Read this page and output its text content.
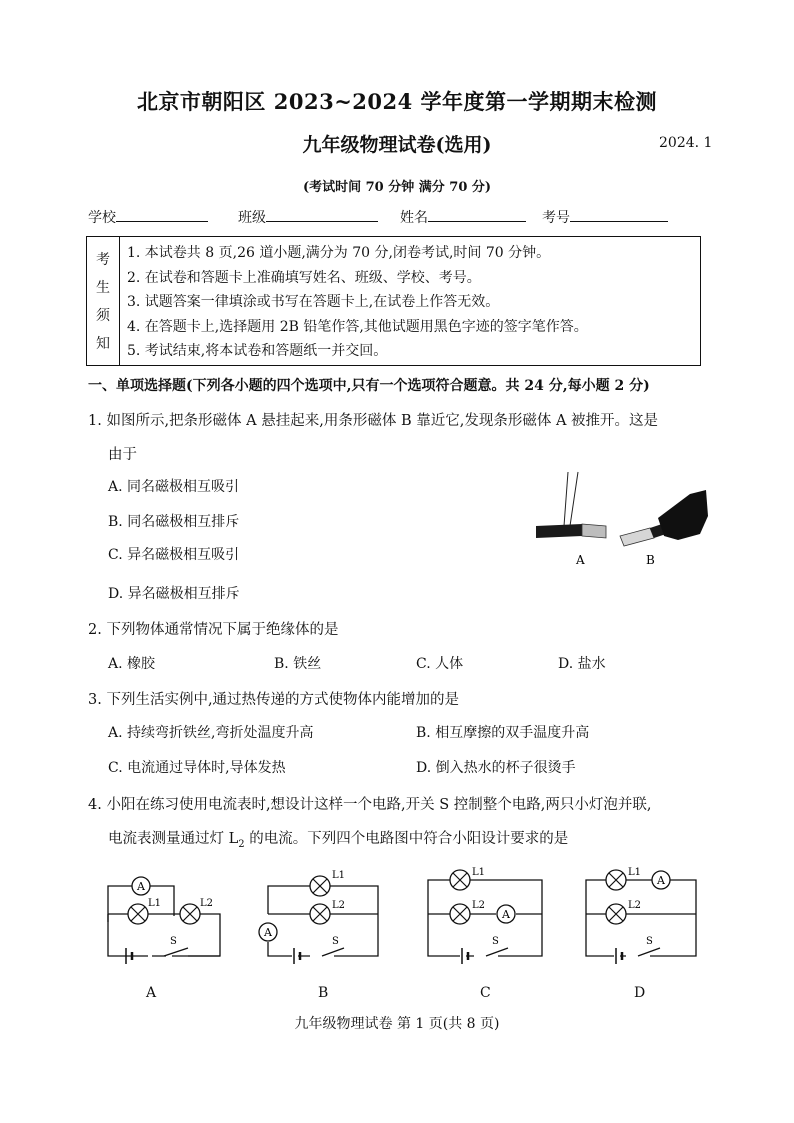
北京市朝阳区 2023~2024 学年度第一学期期末检测
九年级物理试卷(选用)	2024. 1
(考试时间 70 分钟 满分 70 分)
学校	班级	姓名	考号
考
生
须
知
1. 本试卷共 8 页,26 道小题,满分为 70 分,闭卷考试,时间 70 分钟。
2. 在试卷和答题卡上准确填写姓名、班级、学校、考号。
3. 试题答案一律填涂或书写在答题卡上,在试卷上作答无效。
4. 在答题卡上,选择题用 2B 铅笔作答,其他试题用黑色字迹的签字笔作答。
5. 考试结束,将本试卷和答题纸一并交回。
一、单项选择题(下列各小题的四个选项中,只有一个选项符合题意。共 24 分,每小题 2 分)
1. 如图所示,把条形磁体 A 悬挂起来,用条形磁体 B 靠近它,发现条形磁体 A 被推开。这是
由于
A. 同名磁极相互吸引
B. 同名磁极相互排斥
C. 异名磁极相互吸引
D. 异名磁极相互排斥
A	B
2. 下列物体通常情况下属于绝缘体的是
A. 橡胶	B. 铁丝	C. 人体	D. 盐水
3. 下列生活实例中,通过热传递的方式使物体内能增加的是
A. 持续弯折铁丝,弯折处温度升高	B. 相互摩擦的双手温度升高
C. 电流通过导体时,导体发热	D. 倒入热水的杯子很烫手
4. 小阳在练习使用电流表时,想设计这样一个电路,开关 S 控制整个电路,两只小灯泡并联,
电流表测量通过灯 $L_2$ 的电流。下列四个电路图中符合小阳设计要求的是
A
L1	L2
S
A
L1
L2
A
S
B
L1
L2
A
S
C
L1
A
L2
S
D
九年级物理试卷 第 1 页(共 8 页)
